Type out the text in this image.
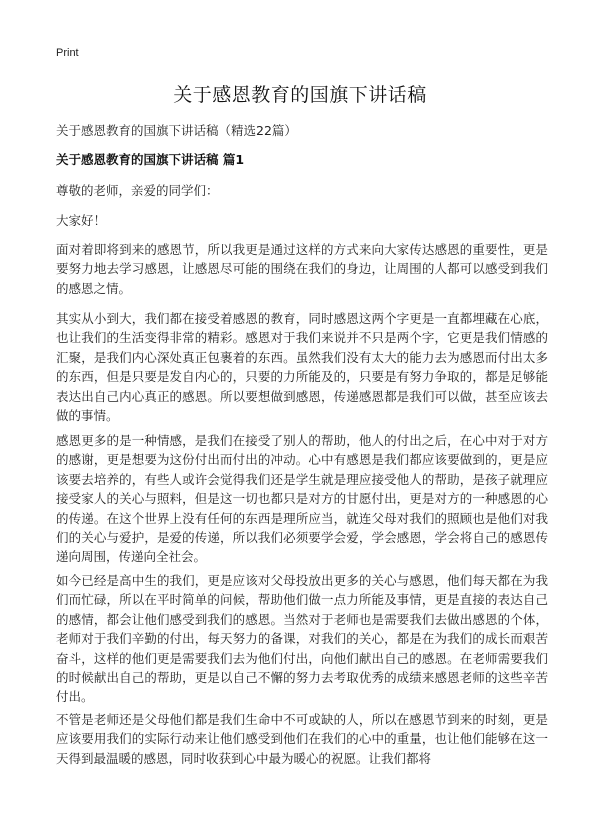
Print
关于感恩教育的国旗下讲话稿
关于感恩教育的国旗下讲话稿（精选22篇）
关于感恩教育的国旗下讲话稿 篇1
尊敬的老师，亲爱的同学们：
大家好！
面对着即将到来的感恩节，所以我更是通过这样的方式来向大家传达感恩的重要性，更是要努力地去学习感恩，让感恩尽可能的围绕在我们的身边，让周围的人都可以感受到我们的感恩之情。
其实从小到大，我们都在接受着感恩的教育，同时感恩这两个字更是一直都埋藏在心底，也让我们的生活变得非常的精彩。感恩对于我们来说并不只是两个字，它更是我们情感的汇聚，是我们内心深处真正包裹着的东西。虽然我们没有太大的能力去为感恩而付出太多的东西，但是只要是发自内心的，只要的力所能及的，只要是有努力争取的，都是足够能表达出自己内心真正的感恩。所以要想做到感恩，传递感恩都是我们可以做，甚至应该去做的事情。
感恩更多的是一种情感，是我们在接受了别人的帮助，他人的付出之后，在心中对于对方的感谢，更是想要为这份付出而付出的冲动。心中有感恩是我们都应该要做到的，更是应该要去培养的，有些人或许会觉得我们还是学生就是理应接受他人的帮助，是孩子就理应接受家人的关心与照料，但是这一切也都只是对方的甘愿付出，更是对方的一种感恩的心的传递。在这个世界上没有任何的东西是理所应当，就连父母对我们的照顾也是他们对我们的关心与爱护，是爱的传递，所以我们必须要学会爱，学会感恩，学会将自己的感恩传递向周围，传递向全社会。
如今已经是高中生的我们，更是应该对父母投放出更多的关心与感恩，他们每天都在为我们而忙碌，所以在平时简单的问候，帮助他们做一点力所能及事情，更是直接的表达自己的感情，都会让他们感受到我们的感恩。当然对于老师也是需要我们去做出感恩的个体，老师对于我们辛勤的付出，每天努力的备课，对我们的关心，都是在为我们的成长而艰苦奋斗，这样的他们更是需要我们去为他们付出，向他们献出自己的感恩。在老师需要我们的时候献出自己的帮助，更是以自己不懈的努力去考取优秀的成绩来感恩老师的这些辛苦付出。
不管是老师还是父母他们都是我们生命中不可或缺的人，所以在感恩节到来的时刻，更是应该要用我们的实际行动来让他们感受到他们在我们的心中的重量，也让他们能够在这一天得到最温暖的感恩，同时收获到心中最为暖心的祝愿。让我们都将
